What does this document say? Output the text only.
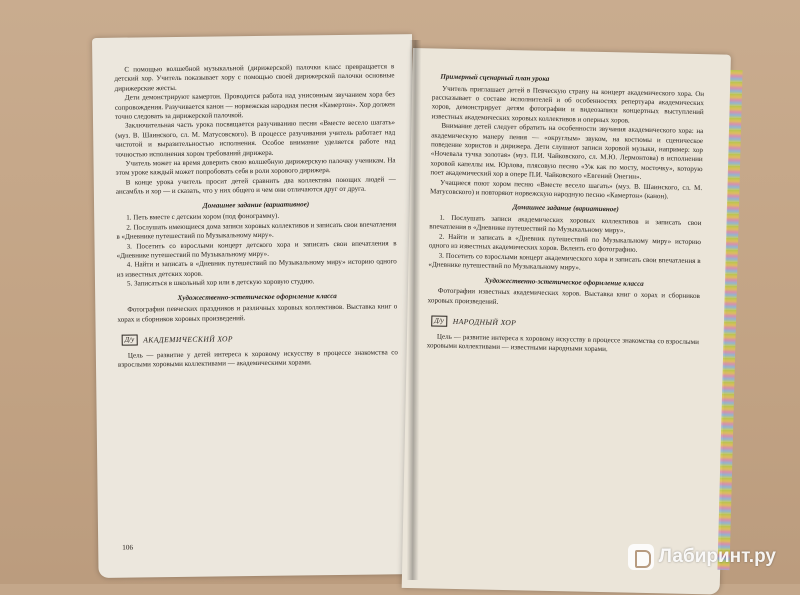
С помощью волшебной музыкальной (дирижерской) палочки класс превращается в детский хор. Учитель показывает хору с помощью своей дирижерской палочки основные дирижерские жесты.

Дети демонстрируют камертон. Проводится работа над унисонным звучанием хора без сопровождения. Разучивается канон — норвежская народная песня «Камертон». Хор должен точно следовать за дирижерской палочкой.

Заключительная часть урока посвящается разучиванию песни «Вместе весело шагать» (муз. В. Шаинского, сл. М. Матусовского). В процессе разучивания учитель работает над чистотой и выразительностью исполнения. Особое внимание уделяется работе над точностью исполнения хором требований дирижера.

Учитель может на время доверить свою волшебную дирижерскую палочку ученикам. На этом уроке каждый может попробовать себя в роли хорового дирижера.

В конце урока учитель просит детей сравнить два коллектива поющих людей — ансамбль и хор — и сказать, что у них общего и чем они отличаются друг от друга.

Домашнее задание (вариативное)

1. Петь вместе с детским хором (под фонограмму).

2. Послушать имеющиеся дома записи хоровых коллективов и записать свои впечатления в «Дневнике путешествий по Музыкальному миру».

3. Посетить со взрослыми концерт детского хора и записать свои впечатления в «Дневнике путешествий по Музыкальному миру».

4. Найти и записать в «Дневник путешествий по Музыкальному миру» историю одного из известных детских хоров.

5. Записаться в школьный хор или в детскую хоровую студию.

Художественно-эстетическое оформление класса

Фотографии певческих праздников и различных хоровых коллективов. Выставка книг о хорах и сборников хоровых произведений.

Д/у	АКАДЕМИЧЕСКИЙ ХОР

Цель — развитие у детей интереса к хоровому искусству в процессе знакомства со взрослыми хоровыми коллективами — академическими хорами.

106
Примерный сценарный план урока

Учитель приглашает детей в Певческую страну на концерт академического хора. Он рассказывает о составе исполнителей и об особенностях репертуара академических хоров, демонстрирует детям фотографии и видеозаписи концертных выступлений известных академических хоровых коллективов и оперных хоров.

Внимание детей следует обратить на особенности звучания академического хора: на академическую манеру пения — «округлым» звуком, на костюмы и сценическое поведение хористов и дирижера. Дети слушают записи хоровой музыки, например: хор «Ночевала тучка золотая» (муз. П.И. Чайковского, сл. М.Ю. Лермонтова) в исполнении хоровой капеллы им. Юрлова, плясовую песню «Уж как по мосту, мосточку», которую поет академический хор в опере П.И. Чайковского «Евгений Онегин».

Учащиеся поют хором песню «Вместе весело шагать» (муз. В. Шаинского, сл. М. Матусовского) и повторяют норвежскую народную песню «Камертон» (канон).

Домашнее задание (вариативное)

1. Послушать записи академических хоровых коллективов и записать свои впечатления в «Дневнике путешествий по Музыкальному миру».

2. Найти и записать в «Дневник путешествий по Музыкальному миру» историю одного из известных академических хоров. Вклеить его фотографию.

3. Посетить со взрослыми концерт академического хора и записать свои впечатления в «Дневнике путешествий по Музыкальному миру».

Художественно-эстетическое оформление класса

Фотографии известных академических хоров. Выставка книг о хорах и сборников хоровых произведений.

Д/у	НАРОДНЫЙ ХОР

Цель — развитие интереса к хоровому искусству в процессе знакомства со взрослыми хоровыми коллективами — известными народными хорами.

Лабиринт.ру
